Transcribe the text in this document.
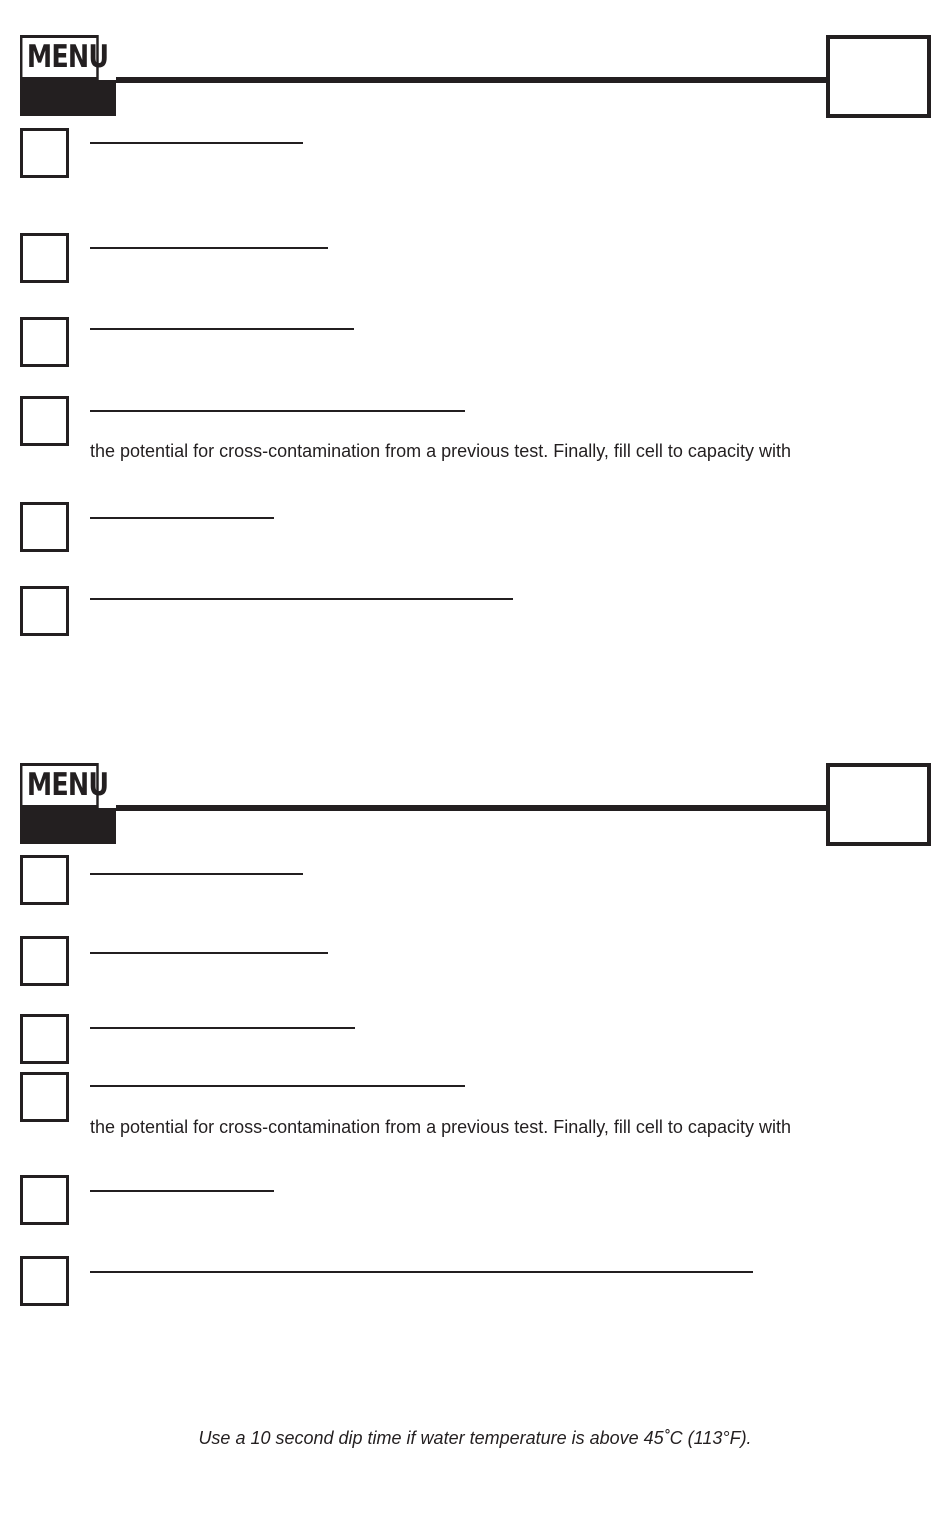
MENU
the potential for cross-contamination from a previous test. Finally, fill cell to capacity with
MENU
the potential for cross-contamination from a previous test. Finally, fill cell to capacity with
Use a 10 second dip time if water temperature is above 45˚C (113°F).
